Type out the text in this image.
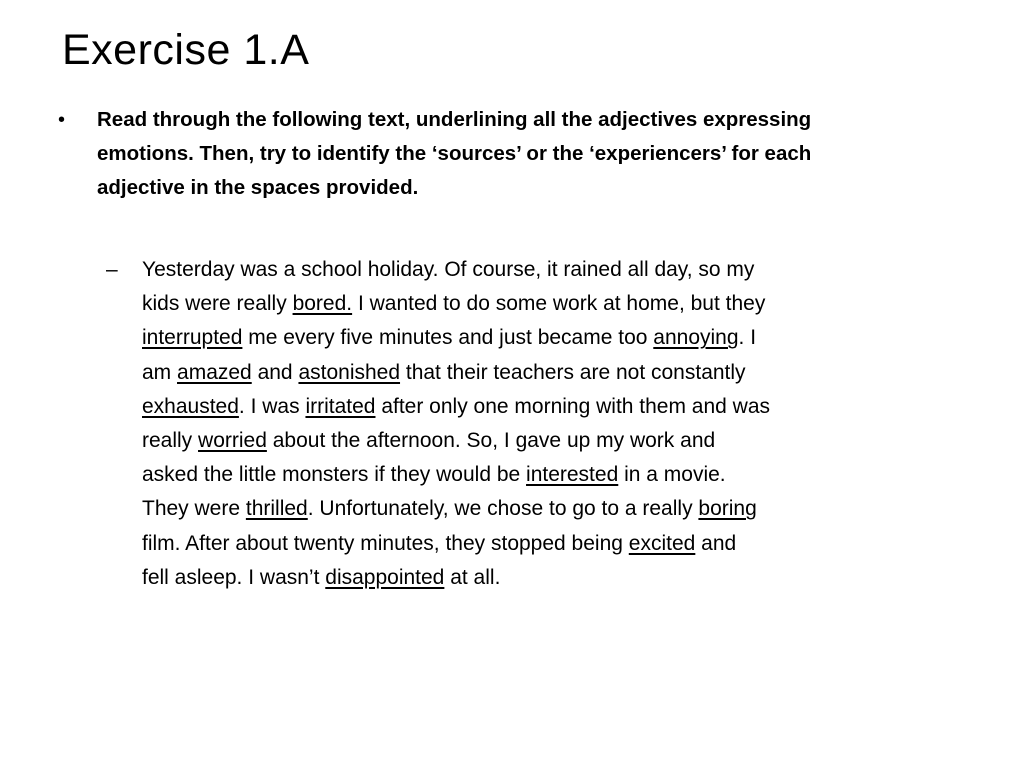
Exercise 1.A
• Read through the following text, underlining all the adjectives expressing emotions. Then, try to identify the ‘sources’ or the ‘experiencers’ for each adjective in the spaces provided.
– Yesterday was a school holiday. Of course, it rained all day, so my
kids were really bored. I wanted to do some work at home, but they
interrupted me every five minutes and just became too annoying. I
am amazed and astonished that their teachers are not constantly
exhausted. I was irritated after only one morning with them and was
really worried about the afternoon. So, I gave up my work and
asked the little monsters if they would be interested in a movie.
They were thrilled. Unfortunately, we chose to go to a really boring
film. After about twenty minutes, they stopped being excited and
fell asleep. I wasn’t disappointed at all.
